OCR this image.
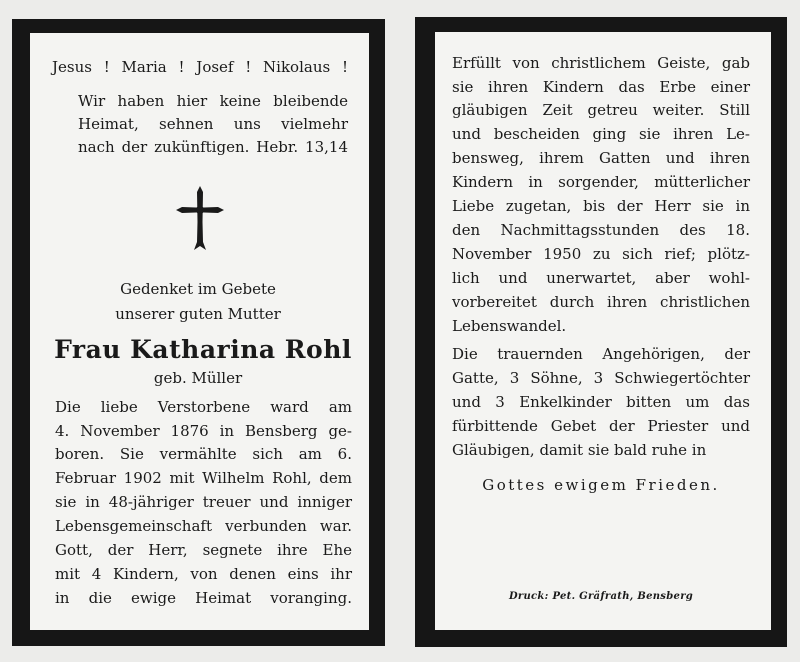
Jesus ! Maria ! Josef ! Nikolaus !
Wir haben hier keine bleibende
Heimat, sehnen uns vielmehr
nach der zukünftigen. Hebr. 13,14
Gedenket im Gebete
unserer guten Mutter
Frau Katharina Rohl
geb. Müller
Die liebe Verstorbene ward am
4. November 1876 in Bensberg ge-
boren. Sie vermählte sich am 6.
Februar 1902 mit Wilhelm Rohl, dem
sie in 48-jähriger treuer und inniger
Lebensgemeinschaft verbunden war.
Gott, der Herr, segnete ihre Ehe
mit 4 Kindern, von denen eins ihr
in die ewige Heimat voranging.
Erfüllt von christlichem Geiste, gab
sie ihren Kindern das Erbe einer
gläubigen Zeit getreu weiter. Still
und bescheiden ging sie ihren Le-
bensweg, ihrem Gatten und ihren
Kindern in sorgender, mütterlicher
Liebe zugetan, bis der Herr sie in
den Nachmittagsstunden des 18.
November 1950 zu sich rief; plötz-
lich und unerwartet, aber wohl-
vorbereitet durch ihren christlichen
Lebenswandel.
Die trauernden Angehörigen, der
Gatte, 3 Söhne, 3 Schwiegertöchter
und 3 Enkelkinder bitten um das
fürbittende Gebet der Priester und
Gläubigen, damit sie bald ruhe in
Gottes ewigem Frieden.
Druck: Pet. Gräfrath, Bensberg
